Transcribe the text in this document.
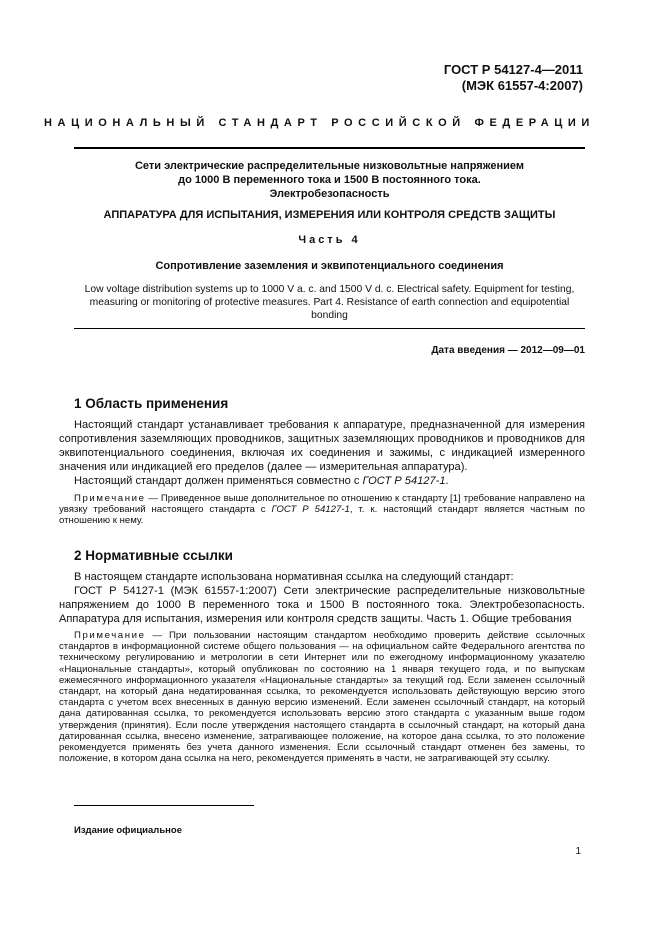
ГОСТ Р 54127-4—2011
(МЭК 61557-4:2007)
НАЦИОНАЛЬНЫЙ СТАНДАРТ РОССИЙСКОЙ ФЕДЕРАЦИИ
Сети электрические распределительные низковольтные напряжением
до 1000 В переменного тока и 1500 В постоянного тока.
Электробезопасность
АППАРАТУРА ДЛЯ ИСПЫТАНИЯ, ИЗМЕРЕНИЯ ИЛИ КОНТРОЛЯ СРЕДСТВ ЗАЩИТЫ
Часть 4
Сопротивление заземления и эквипотенциального соединения
Low voltage distribution systems up to 1000 V a. c. and 1500 V d. c. Electrical safety. Equipment for testing,
measuring or monitoring of protective measures. Part 4. Resistance of earth connection and equipotential bonding
Дата введения — 2012—09—01
1 Область применения

Настоящий стандарт устанавливает требования к аппаратуре, предназначенной для измерения сопротивления заземляющих проводников, защитных заземляющих проводников и проводников для эквипотенциального соединения, включая их соединения и зажимы, с индикацией измеренного значения или индикацией его пределов (далее — измерительная аппаратура).

Настоящий стандарт должен применяться совместно с ГОСТ Р 54127-1.

Примечание — Приведенное выше дополнительное по отношению к стандарту [1] требование направлено на увязку требований настоящего стандарта с ГОСТ Р 54127-1, т. к. настоящий стандарт является частным по отношению к нему.

2 Нормативные ссылки

В настоящем стандарте использована нормативная ссылка на следующий стандарт:

ГОСТ Р 54127-1 (МЭК 61557-1:2007) Сети электрические распределительные низковольтные напряжением до 1000 В переменного тока и 1500 В постоянного тока. Электробезопасность. Аппаратура для испытания, измерения или контроля средств защиты. Часть 1. Общие требования

Примечание — При пользовании настоящим стандартом необходимо проверить действие ссылочных стандартов в информационной системе общего пользования — на официальном сайте Федерального агентства по техническому регулированию и метрологии в сети Интернет или по ежегодному информационному указателю «Национальные стандарты», который опубликован по состоянию на 1 января текущего года, и по выпускам ежемесячного информационного указателя «Национальные стандарты» за текущий год. Если заменен ссылочный стандарт, на который дана недатированная ссылка, то рекомендуется использовать действующую версию этого стандарта с учетом всех внесенных в данную версию изменений. Если заменен ссылочный стандарт, на который дана датированная ссылка, то рекомендуется использовать версию этого стандарта с указанным выше годом утверждения (принятия). Если после утверждения настоящего стандарта в ссылочный стандарт, на который дана датированная ссылка, внесено изменение, затрагивающее положение, на которое дана ссылка, то это положение рекомендуется применять без учета данного изменения. Если ссылочный стандарт отменен без замены, то положение, в котором дана ссылка на него, рекомендуется применять в части, не затрагивающей эту ссылку.

Издание официальное
1
